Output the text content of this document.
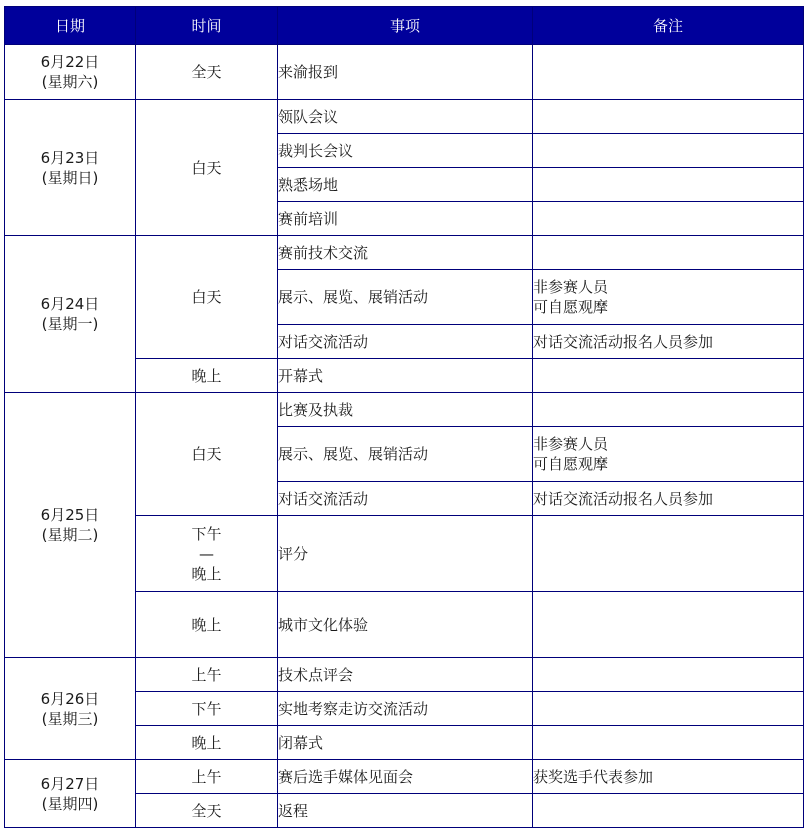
日期	时间	事项	备注

6月22日
(星期六)	全天	来渝报到	

6月23日
(星期日)	白天	领队会议	
		裁判长会议	
		熟悉场地	
		赛前培训	

6月24日
(星期一)	白天	赛前技术交流	
		展示、展览、展销活动	非参赛人员
可自愿观摩

		对话交流活动	对话交流活动报名人员参加

	晚上	开幕式	

6月25日
(星期二)	白天	比赛及执裁	
		展示、展览、展销活动	非参赛人员
可自愿观摩

		对话交流活动	对话交流活动报名人员参加

	下午
—
晚上	评分	

	晚上	城市文化体验	

6月26日
(星期三)	上午	技术点评会	

	下午	实地考察走访交流活动	

	晚上	闭幕式	

6月27日
(星期四)	上午	赛后选手媒体见面会	获奖选手代表参加

	全天	返程	
